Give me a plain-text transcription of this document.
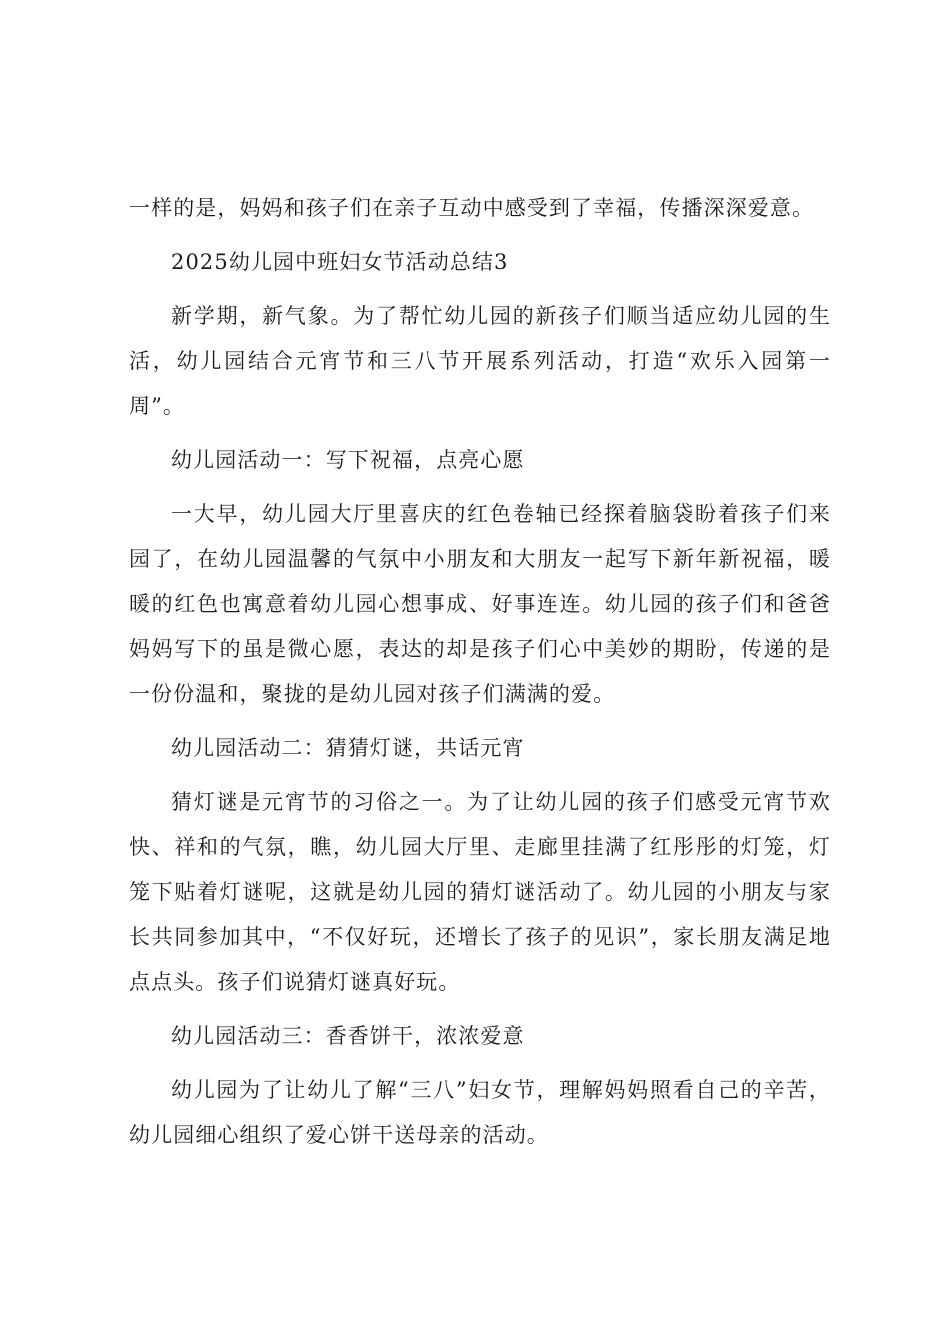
一样的是，妈妈和孩子们在亲子互动中感受到了幸福，传播深深爱意。

2025幼儿园中班妇女节活动总结3

新学期，新气象。为了帮忙幼儿园的新孩子们顺当适应幼儿园的生活，幼儿园结合元宵节和三八节开展系列活动，打造“欢乐入园第一周”。

幼儿园活动一：写下祝福，点亮心愿

一大早，幼儿园大厅里喜庆的红色卷轴已经探着脑袋盼着孩子们来园了，在幼儿园温馨的气氛中小朋友和大朋友一起写下新年新祝福，暖暖的红色也寓意着幼儿园心想事成、好事连连。幼儿园的孩子们和爸爸妈妈写下的虽是微心愿，表达的却是孩子们心中美妙的期盼，传递的是一份份温和，聚拢的是幼儿园对孩子们满满的爱。

幼儿园活动二：猜猜灯谜，共话元宵

猜灯谜是元宵节的习俗之一。为了让幼儿园的孩子们感受元宵节欢快、祥和的气氛，瞧，幼儿园大厅里、走廊里挂满了红彤彤的灯笼，灯笼下贴着灯谜呢，这就是幼儿园的猜灯谜活动了。幼儿园的小朋友与家长共同参加其中，“不仅好玩，还增长了孩子的见识”，家长朋友满足地点点头。孩子们说猜灯谜真好玩。

幼儿园活动三：香香饼干，浓浓爱意

幼儿园为了让幼儿了解“三八”妇女节，理解妈妈照看自己的辛苦，幼儿园细心组织了爱心饼干送母亲的活动。
